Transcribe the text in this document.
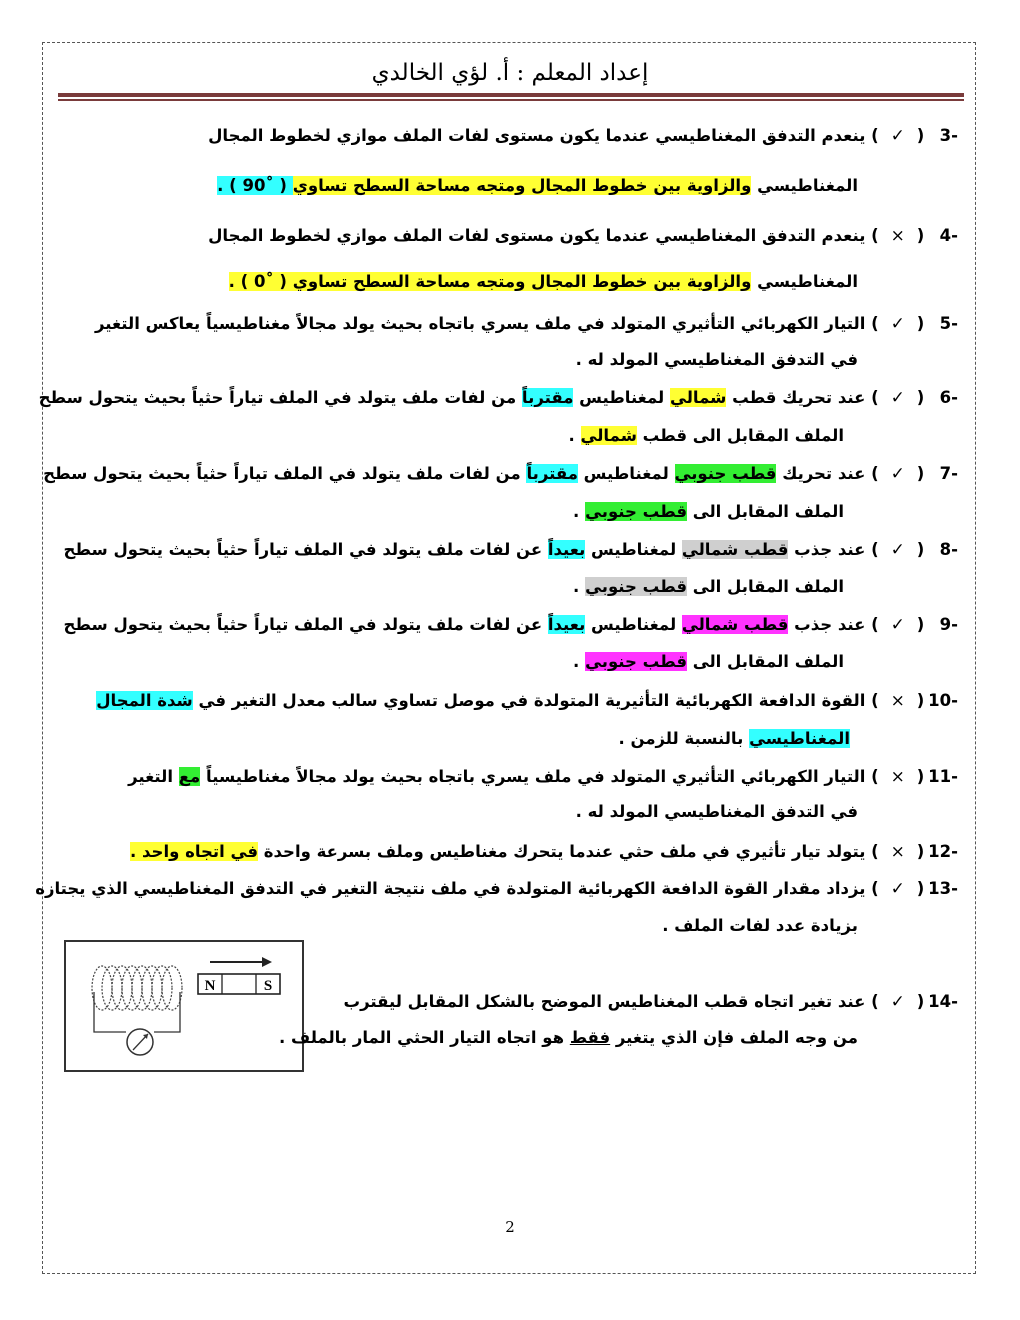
إعداد المعلم : أ. لؤي الخالدي
-3 (✓) ينعدم التدفق المغناطيسي عندما يكون مستوى لفات الملف موازي لخطوط المجال
المغناطيسي والزاوية بين خطوط المجال ومتجه مساحة السطح تساوي ( ˚90 ) .
-4 (×) ينعدم التدفق المغناطيسي عندما يكون مستوى لفات الملف موازي لخطوط المجال
المغناطيسي والزاوية بين خطوط المجال ومتجه مساحة السطح تساوي ( ˚0 ) .
-5 (✓) التيار الكهربائي التأثيري المتولد في ملف يسري باتجاه بحيث يولد مجالاً مغناطيسياً يعاكس التغير
في التدفق المغناطيسي المولد له .
-6 (✓) عند تحريك قطب شمالي لمغناطيس مقترباً من لفات ملف يتولد في الملف تياراً حثياً بحيث يتحول سطح
الملف المقابل الى قطب شمالي .
-7 (✓) عند تحريك قطب جنوبي لمغناطيس مقترباً من لفات ملف يتولد في الملف تياراً حثياً بحيث يتحول سطح
الملف المقابل الى قطب جنوبي .
-8 (✓) عند جذب قطب شمالي لمغناطيس بعيداً عن لفات ملف يتولد في الملف تياراً حثياً بحيث يتحول سطح
الملف المقابل الى قطب جنوبي .
-9 (✓) عند جذب قطب شمالي لمغناطيس بعيداً عن لفات ملف يتولد في الملف تياراً حثياً بحيث يتحول سطح
الملف المقابل الى قطب جنوبي .
-10 (×) القوة الدافعة الكهربائية التأثيرية المتولدة في موصل تساوي سالب معدل التغير في شدة المجال
المغناطيسي بالنسبة للزمن .
-11 (×) التيار الكهربائي التأثيري المتولد في ملف يسري باتجاه بحيث يولد مجالاً مغناطيسياً مع التغير
في التدفق المغناطيسي المولد له .
-12 (×) يتولد تيار تأثيري في ملف حثي عندما يتحرك مغناطيس وملف بسرعة واحدة في اتجاه واحد .
-13 (✓) يزداد مقدار القوة الدافعة الكهربائية المتولدة في ملف نتيجة التغير في التدفق المغناطيسي الذي يجتازه
بزيادة عدد لفات الملف .
N	S
-14 (✓) عند تغير اتجاه قطب المغناطيس الموضح بالشكل المقابل ليقترب
من وجه الملف فإن الذي يتغير فقط هو اتجاه التيار الحثي المار بالملف .
2
